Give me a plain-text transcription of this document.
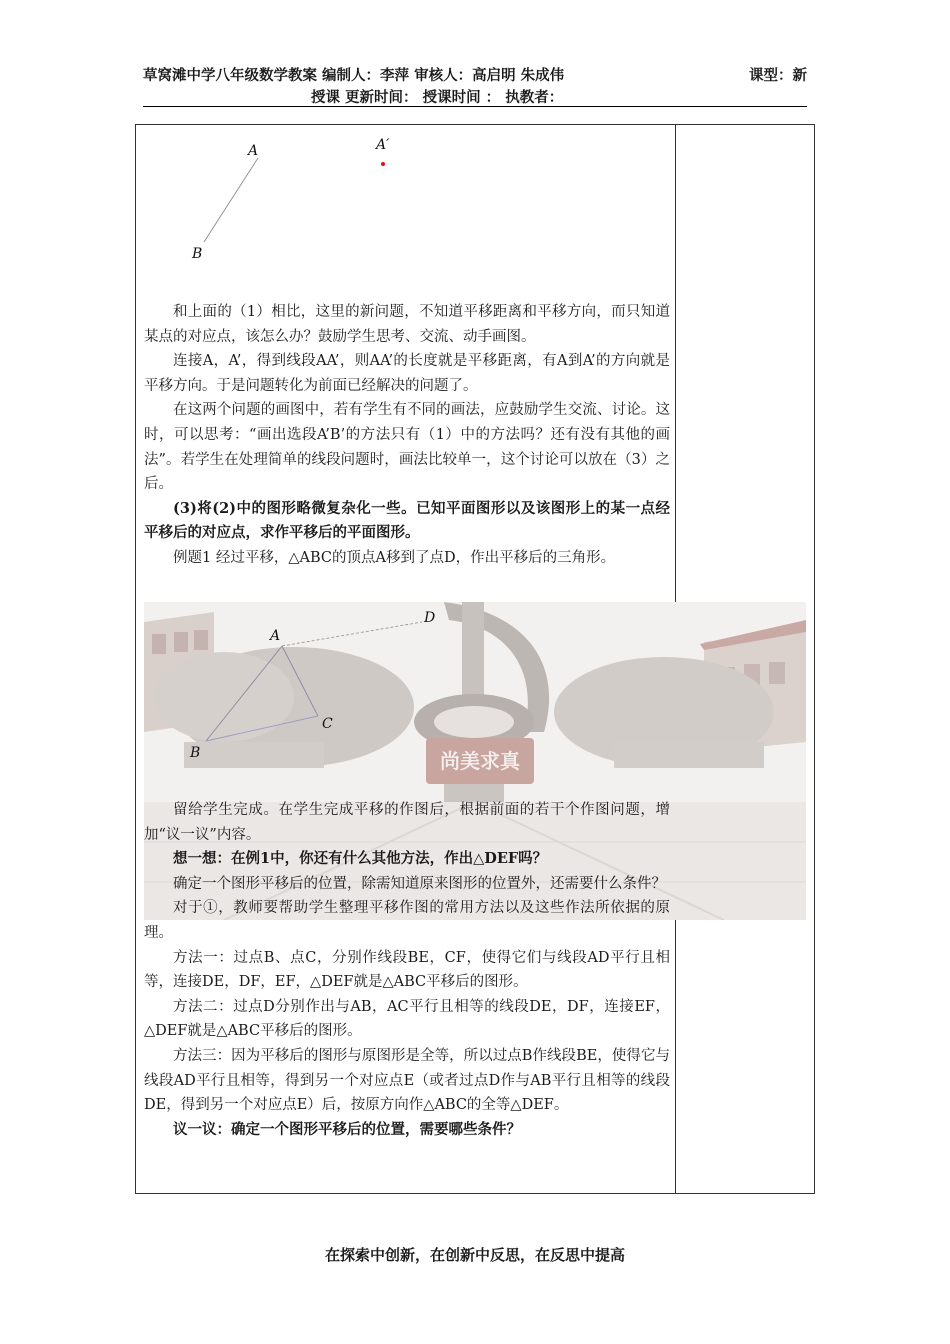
草窝滩中学八年级数学教案 编制人：李萍 审核人：高启明 朱成伟	课型：新
授课 更新时间： 授课时间 ： 执教者：
尚美求真
A	A′
B

和上面的（1）相比，这里的新问题，不知道平移距离和平移方向，而只知道某点的对应点，该怎么办？鼓励学生思考、交流、动手画图。

连接A，A’，得到线段AA’，则AA’的长度就是平移距离，有A到A’的方向就是平移方向。于是问题转化为前面已经解决的问题了。

在这两个问题的画图中，若有学生有不同的画法，应鼓励学生交流、讨论。这时，可以思考：“画出选段A’B’的方法只有（1）中的方法吗？还有没有其他的画法”。若学生在处理简单的线段问题时，画法比较单一，这个讨论可以放在（3）之后。

(3)将(2)中的图形略微复杂化一些。已知平面图形以及该图形上的某一点经平移后的对应点，求作平移后的平面图形。

例题1 经过平移，△ABC的顶点A移到了点D，作出平移后的三角形。

A
D
C
B

留给学生完成。在学生完成平移的作图后，根据前面的若干个作图问题，增加“议一议”内容。

想一想：在例1中，你还有什么其他方法，作出△DEF吗？

确定一个图形平移后的位置，除需知道原来图形的位置外，还需要什么条件？

对于①，教师要帮助学生整理平移作图的常用方法以及这些作法所依据的原理。

方法一：过点B、点C，分别作线段BE，CF，使得它们与线段AD平行且相等，连接DE，DF，EF，△DEF就是△ABC平移后的图形。

方法二：过点D分别作出与AB，AC平行且相等的线段DE，DF，连接EF，△DEF就是△ABC平移后的图形。

方法三：因为平移后的图形与原图形是全等，所以过点B作线段BE，使得它与线段AD平行且相等，得到另一个对应点E（或者过点D作与AB平行且相等的线段DE，得到另一个对应点E）后，按原方向作△ABC的全等△DEF。

议一议：确定一个图形平移后的位置，需要哪些条件？

在探索中创新，在创新中反思，在反思中提高
